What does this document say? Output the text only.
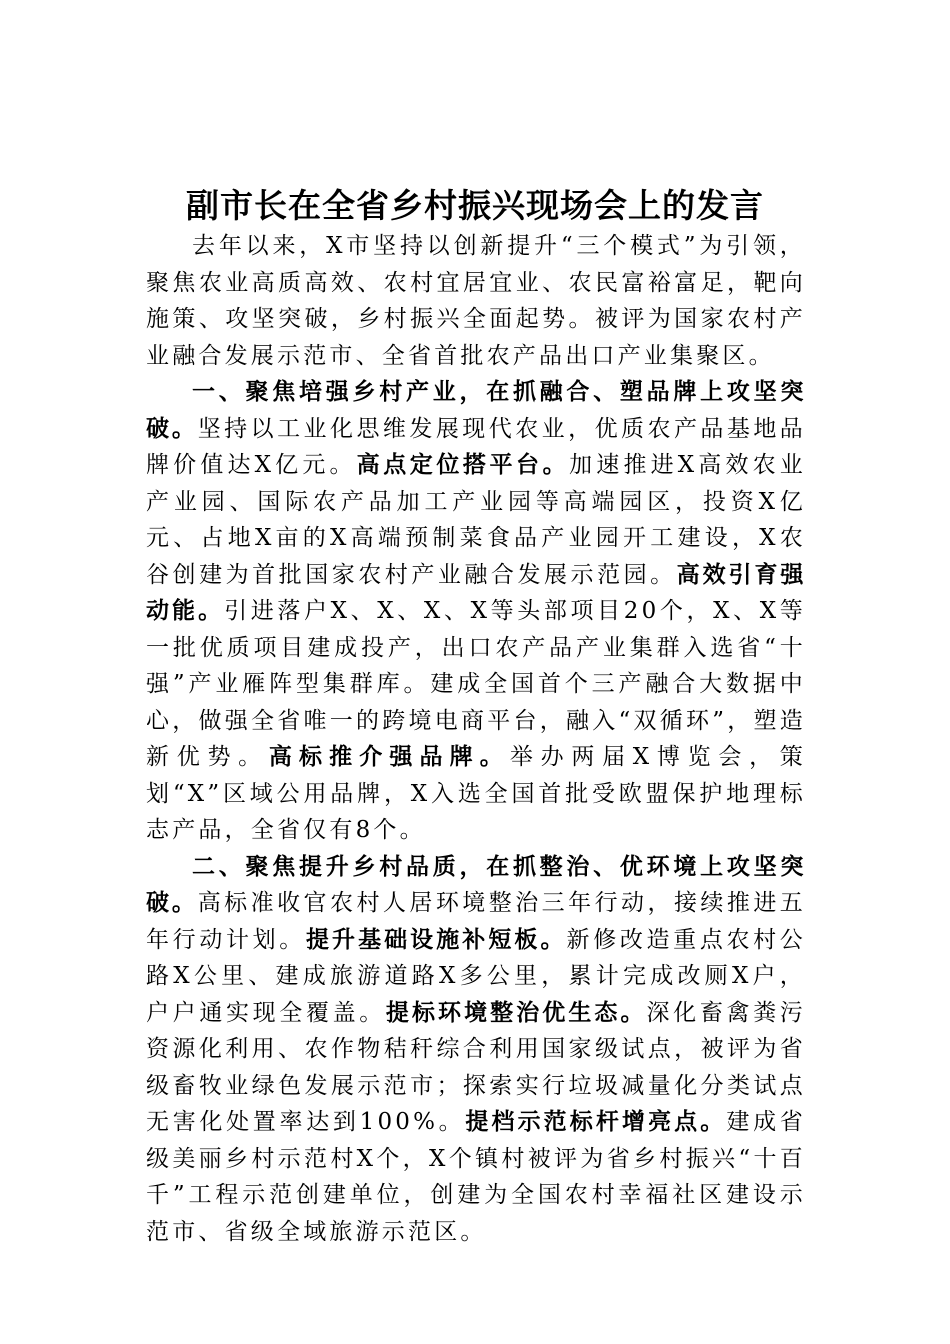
副市长在全省乡村振兴现场会上的发言

去年以来，X市坚持以创新提升“三个模式”为引领，聚焦农业高质高效、农村宜居宜业、农民富裕富足，靶向施策、攻坚突破，乡村振兴全面起势。被评为国家农村产业融合发展示范市、全省首批农产品出口产业集聚区。

一、聚焦培强乡村产业，在抓融合、塑品牌上攻坚突破。坚持以工业化思维发展现代农业，优质农产品基地品牌价值达X亿元。高点定位搭平台。加速推进X高效农业产业园、国际农产品加工产业园等高端园区，投资X亿元、占地X亩的X高端预制菜食品产业园开工建设，X农谷创建为首批国家农村产业融合发展示范园。高效引育强动能。引进落户X、X、X、X等头部项目20个，X、X等一批优质项目建成投产，出口农产品产业集群入选省“十强”产业雁阵型集群库。建成全国首个三产融合大数据中心，做强全省唯一的跨境电商平台，融入“双循环”，塑造新优势。高标推介强品牌。举办两届X博览会，策划“X”区域公用品牌，X入选全国首批受欧盟保护地理标志产品，全省仅有8个。

二、聚焦提升乡村品质，在抓整治、优环境上攻坚突破。高标准收官农村人居环境整治三年行动，接续推进五年行动计划。提升基础设施补短板。新修改造重点农村公路X公里、建成旅游道路X多公里，累计完成改厕X户，户户通实现全覆盖。提标环境整治优生态。深化畜禽粪污资源化利用、农作物秸秆综合利用国家级试点，被评为省级畜牧业绿色发展示范市；探索实行垃圾减量化分类试点无害化处置率达到100%。提档示范标杆增亮点。建成省级美丽乡村示范村X个，X个镇村被评为省乡村振兴“十百千”工程示范创建单位，创建为全国农村幸福社区建设示范市、省级全域旅游示范区。
